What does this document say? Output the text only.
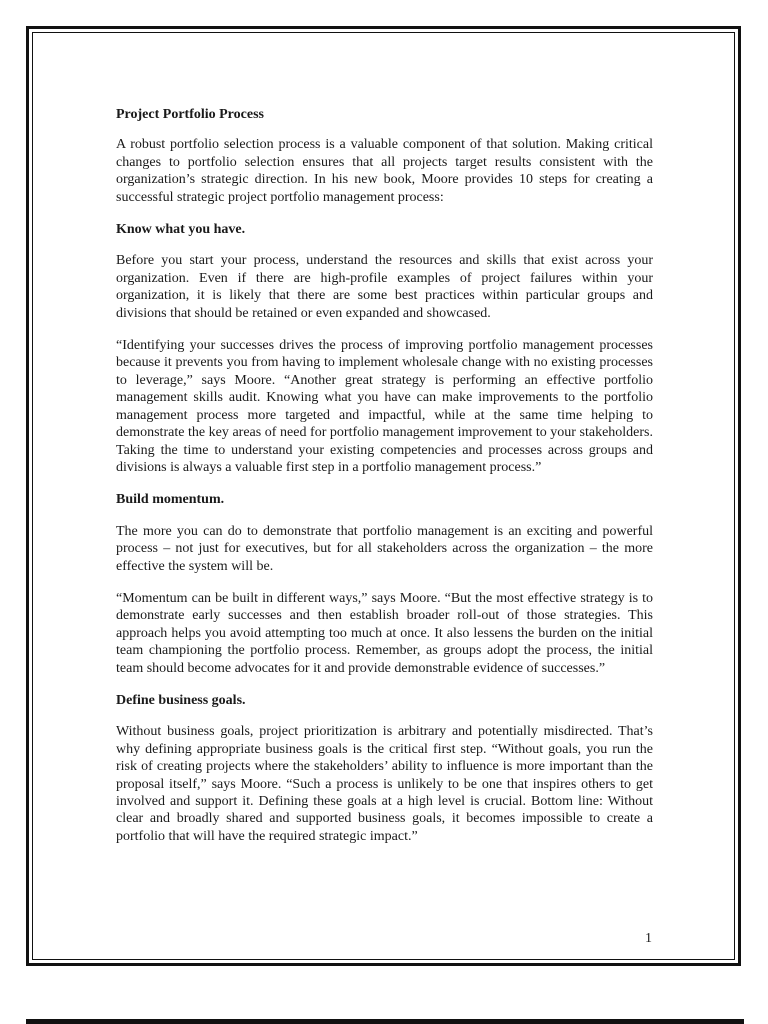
Project Portfolio Process

A robust portfolio selection process is a valuable component of that solution. Making critical changes to portfolio selection ensures that all projects target results consistent with the organization’s strategic direction. In his new book, Moore provides 10 steps for creating a successful strategic project portfolio management process:

Know what you have.

Before you start your process, understand the resources and skills that exist across your organization. Even if there are high-profile examples of project failures within your organization, it is likely that there are some best practices within particular groups and divisions that should be retained or even expanded and showcased.

“Identifying your successes drives the process of improving portfolio management processes because it prevents you from having to implement wholesale change with no existing processes to leverage,” says Moore. “Another great strategy is performing an effective portfolio management skills audit. Knowing what you have can make improvements to the portfolio management process more targeted and impactful, while at the same time helping to demonstrate the key areas of need for portfolio management improvement to your stakeholders. Taking the time to understand your existing competencies and processes across groups and divisions is always a valuable first step in a portfolio management process.”

Build momentum.

The more you can do to demonstrate that portfolio management is an exciting and powerful process – not just for executives, but for all stakeholders across the organization – the more effective the system will be.

“Momentum can be built in different ways,” says Moore. “But the most effective strategy is to demonstrate early successes and then establish broader roll-out of those strategies. This approach helps you avoid attempting too much at once. It also lessens the burden on the initial team championing the portfolio process. Remember, as groups adopt the process, the initial team should become advocates for it and provide demonstrable evidence of successes.”

Define business goals.

Without business goals, project prioritization is arbitrary and potentially misdirected. That’s why defining appropriate business goals is the critical first step. “Without goals, you run the risk of creating projects where the stakeholders’ ability to influence is more important than the proposal itself,” says Moore. “Such a process is unlikely to be one that inspires others to get involved and support it. Defining these goals at a high level is crucial. Bottom line: Without clear and broadly shared and supported business goals, it becomes impossible to create a portfolio that will have the required strategic impact.”

1
